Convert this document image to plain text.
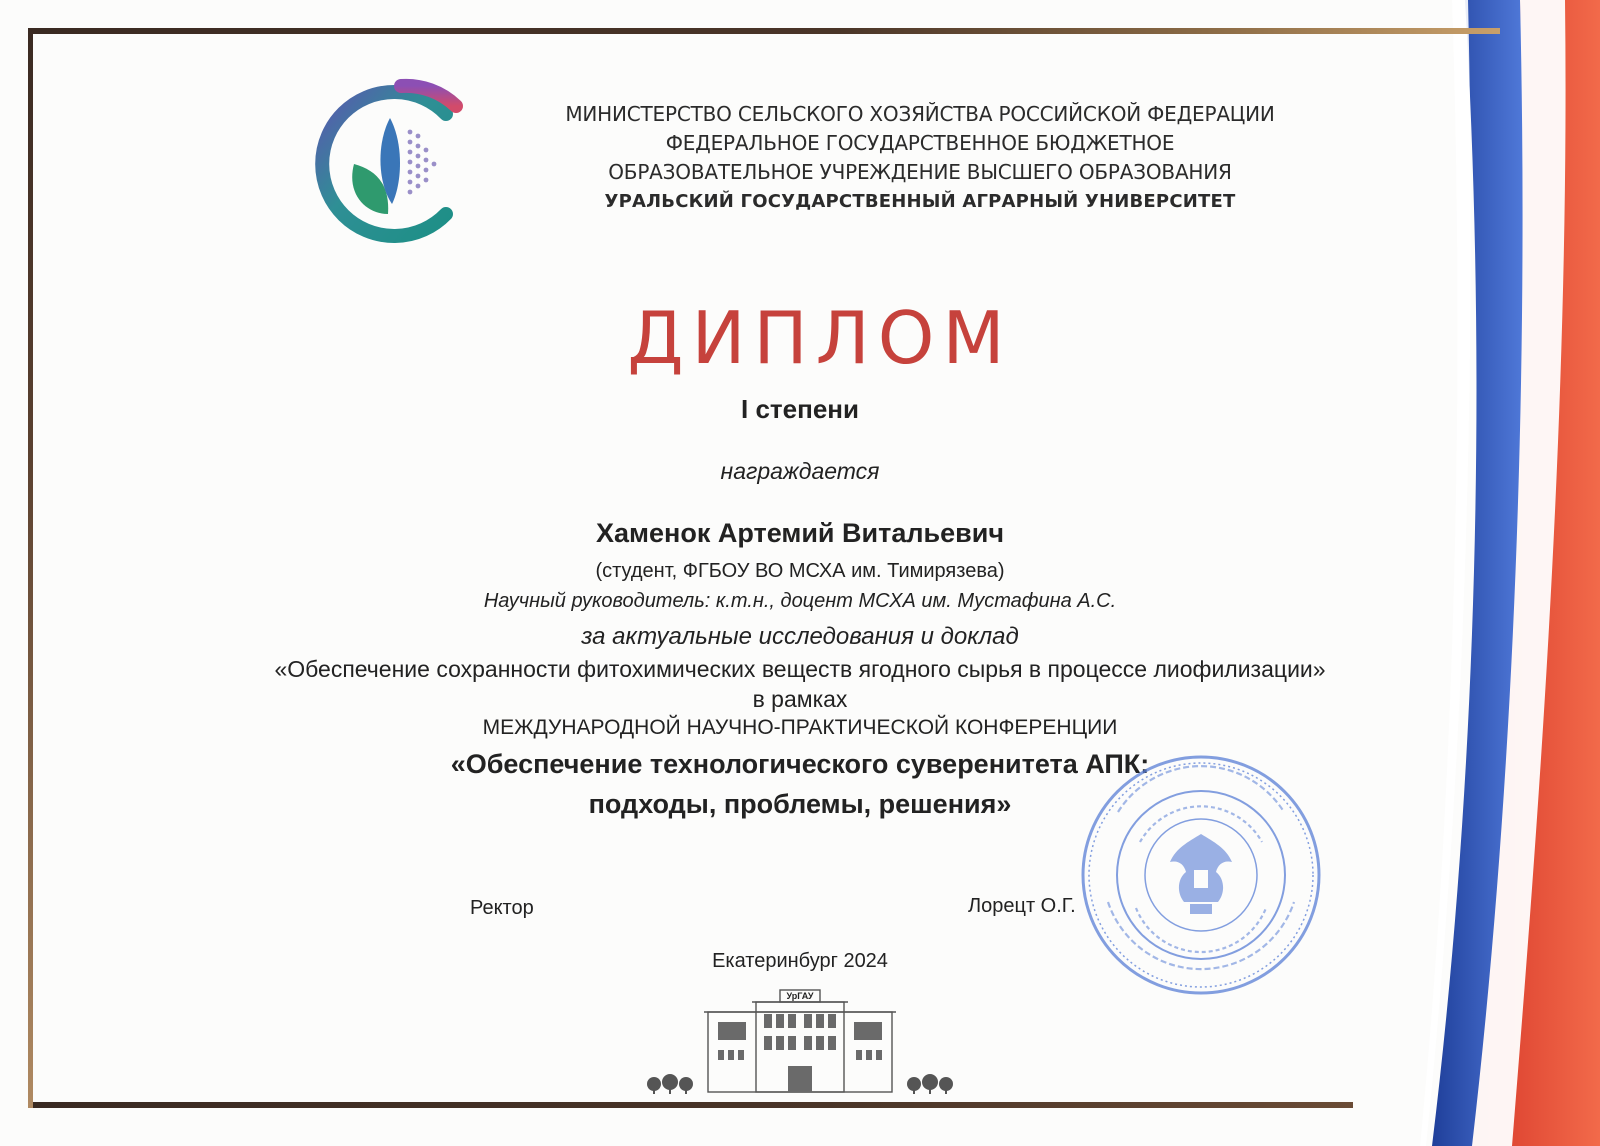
МИНИСТЕРСТВО СЕЛЬСКОГО ХОЗЯЙСТВА РОССИЙСКОЙ ФЕДЕРАЦИИ
ФЕДЕРАЛЬНОЕ ГОСУДАРСТВЕННОЕ БЮДЖЕТНОЕ
ОБРАЗОВАТЕЛЬНОЕ УЧРЕЖДЕНИЕ ВЫСШЕГО ОБРАЗОВАНИЯ
УРАЛЬСКИЙ ГОСУДАРСТВЕННЫЙ АГРАРНЫЙ УНИВЕРСИТЕТ
ДИПЛОМ
I степени
награждается
Хаменок Артемий Витальевич
(студент, ФГБОУ ВО МСХА им. Тимирязева)
Научный руководитель: к.т.н., доцент МСХА им. Мустафина А.С.
за актуальные исследования и доклад
«Обеспечение сохранности фитохимических веществ ягодного сырья в процессе лиофилизации»
в рамках
МЕЖДУНАРОДНОЙ НАУЧНО-ПРАКТИЧЕСКОЙ КОНФЕРЕНЦИИ
«Обеспечение технологического суверенитета АПК:
подходы, проблемы, решения»
Ректор	Лорецт О.Г.
Екатеринбург 2024
УрГАУ
